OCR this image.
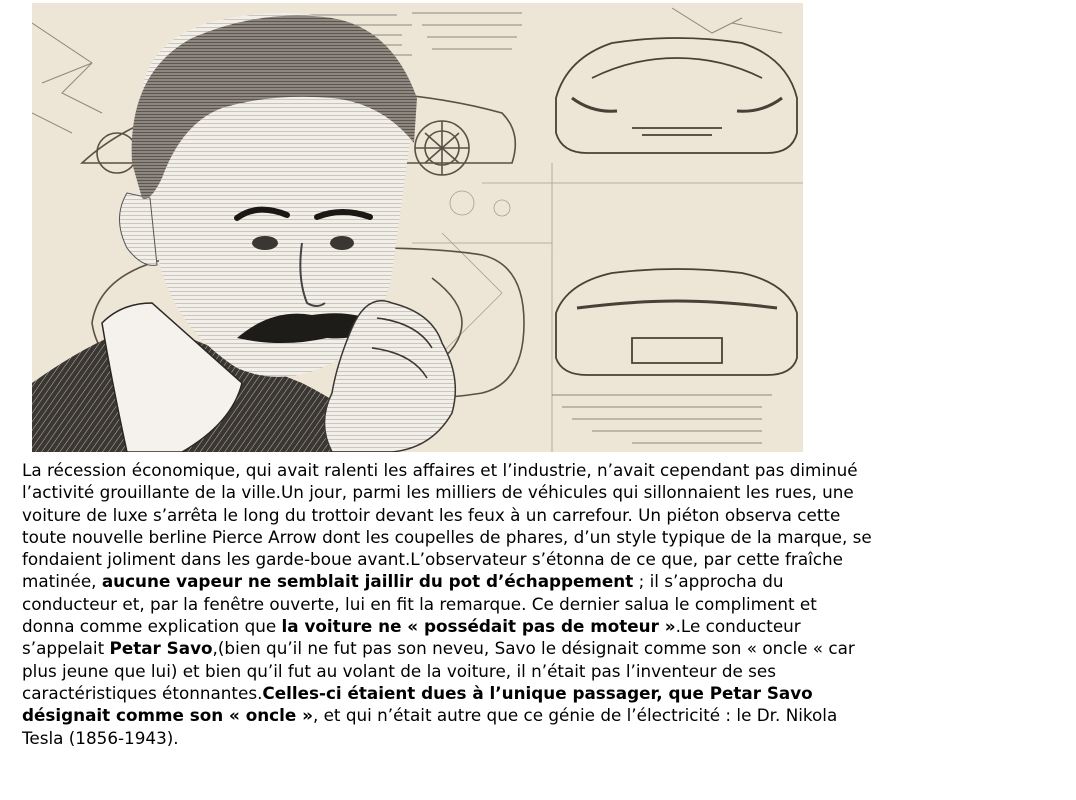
La récession économique, qui avait ralenti les affaires et l’industrie, n’avait cependant pas diminué l’activité grouillante de la ville.Un jour, parmi les milliers de véhicules qui sillonnaient les rues, une voiture de luxe s’arrêta le long du trottoir devant les feux à un carrefour. Un piéton observa cette toute nouvelle berline Pierce Arrow dont les coupelles de phares, d’un style typique de la marque, se fondaient joliment dans les garde-boue avant.L’observateur s’étonna de ce que, par cette fraîche matinée, aucune vapeur ne semblait jaillir du pot d’échappement ; il s’approcha du conducteur et, par la fenêtre ouverte, lui en fit la remarque. Ce dernier salua le compliment et donna comme explication que la voiture ne « possédait pas de moteur ».Le conducteur s’appelait Petar Savo,(bien qu’il ne fut pas son neveu, Savo le désignait comme son « oncle « car plus jeune que lui) et bien qu’il fut au volant de la voiture, il n’était pas l’inventeur de ses caractéristiques étonnantes.Celles-ci étaient dues à l’unique passager, que Petar Savo désignait comme son « oncle », et qui n’était autre que ce génie de l’électricité : le Dr. Nikola Tesla (1856-1943).
